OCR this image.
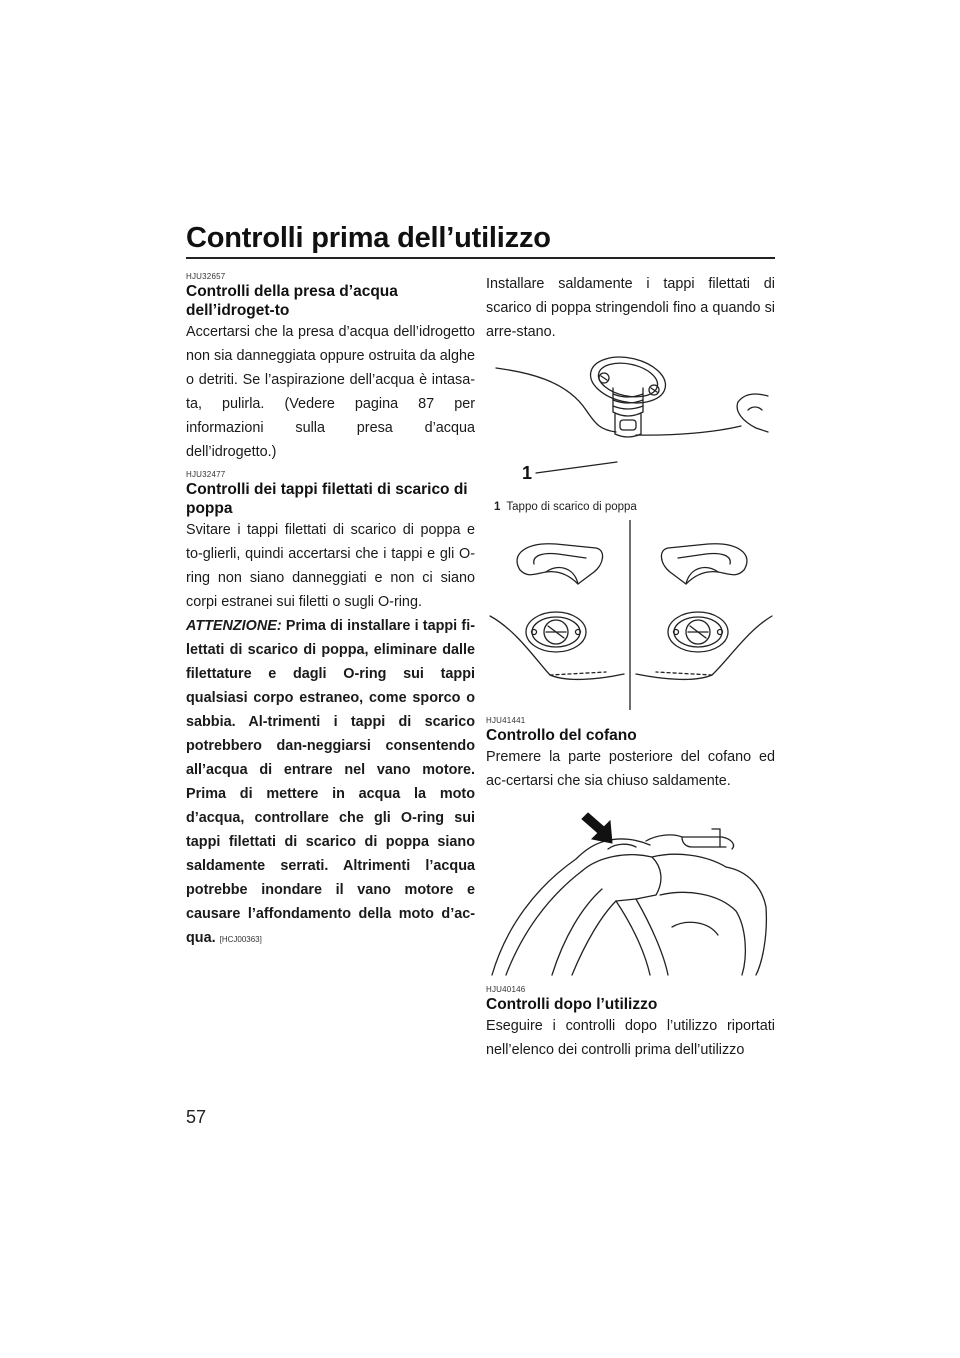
Controlli prima dell’utilizzo
57
HJU32657
Controlli della presa d’acqua dell’idroget-to

Accertarsi che la presa d’acqua dell’idrogetto non sia danneggiata oppure ostruita da alghe o detriti. Se l’aspirazione dell’acqua è intasa-ta, pulirla. (Vedere pagina 87 per informazioni sulla presa d’acqua dell’idrogetto.)

HJU32477
Controlli dei tappi filettati di scarico di poppa

Svitare i tappi filettati di scarico di poppa e to-glierli, quindi accertarsi che i tappi e gli O-ring non siano danneggiati e non ci siano corpi estranei sui filetti o sugli O-ring.

ATTENZIONE: Prima di installare i tappi fi-lettati di scarico di poppa, eliminare dalle filettature e dagli O-ring sui tappi qualsiasi corpo estraneo, come sporco o sabbia. Al-trimenti i tappi di scarico potrebbero dan-neggiarsi consentendo all’acqua di entrare nel vano motore. Prima di mettere in acqua la moto d’acqua, controllare che gli O-ring sui tappi filettati di scarico di poppa siano saldamente serrati. Altrimenti l’acqua potrebbe inondare il vano motore e causare l’affondamento della moto d’ac-qua. [HCJ00363]

Installare saldamente i tappi filettati di scarico di poppa stringendoli fino a quando si arre-stano.

1

1 Tappo di scarico di poppa

HJU41441
Controllo del cofano

Premere la parte posteriore del cofano ed ac-certarsi che sia chiuso saldamente.

HJU40146
Controlli dopo l’utilizzo

Eseguire i controlli dopo l’utilizzo riportati nell’elenco dei controlli prima dell’utilizzo
